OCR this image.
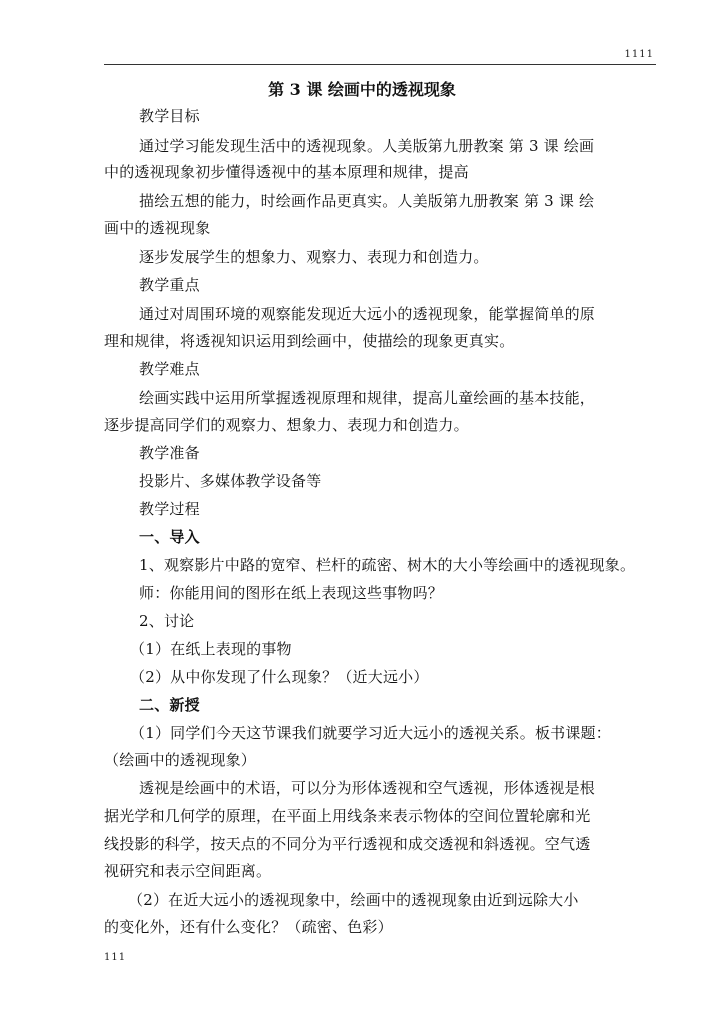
1111
第 3 课 绘画中的透视现象
教学目标
通过学习能发现生活中的透视现象。人美版第九册教案 第 3 课 绘画
中的透视现象初步懂得透视中的基本原理和规律，提高
描绘五想的能力，时绘画作品更真实。人美版第九册教案 第 3 课 绘
画中的透视现象
逐步发展学生的想象力、观察力、表现力和创造力。
教学重点
通过对周围环境的观察能发现近大远小的透视现象，能掌握简单的原
理和规律，将透视知识运用到绘画中，使描绘的现象更真实。
教学难点
绘画实践中运用所掌握透视原理和规律，提高儿童绘画的基本技能，
逐步提高同学们的观察力、想象力、表现力和创造力。
教学准备
投影片、多媒体教学设备等
教学过程
一、导入
1、观察影片中路的宽窄、栏杆的疏密、树木的大小等绘画中的透视现象。
师：你能用间的图形在纸上表现这些事物吗？
2、讨论
（1）在纸上表现的事物
（2）从中你发现了什么现象？（近大远小）
二、新授
（1）同学们今天这节课我们就要学习近大远小的透视关系。板书课题：
（绘画中的透视现象）
透视是绘画中的术语，可以分为形体透视和空气透视，形体透视是根
据光学和几何学的原理，在平面上用线条来表示物体的空间位置轮廓和光
线投影的科学，按天点的不同分为平行透视和成交透视和斜透视。空气透
视研究和表示空间距离。
（2）在近大远小的透视现象中，绘画中的透视现象由近到远除大小
的变化外，还有什么变化？（疏密、色彩）
111
